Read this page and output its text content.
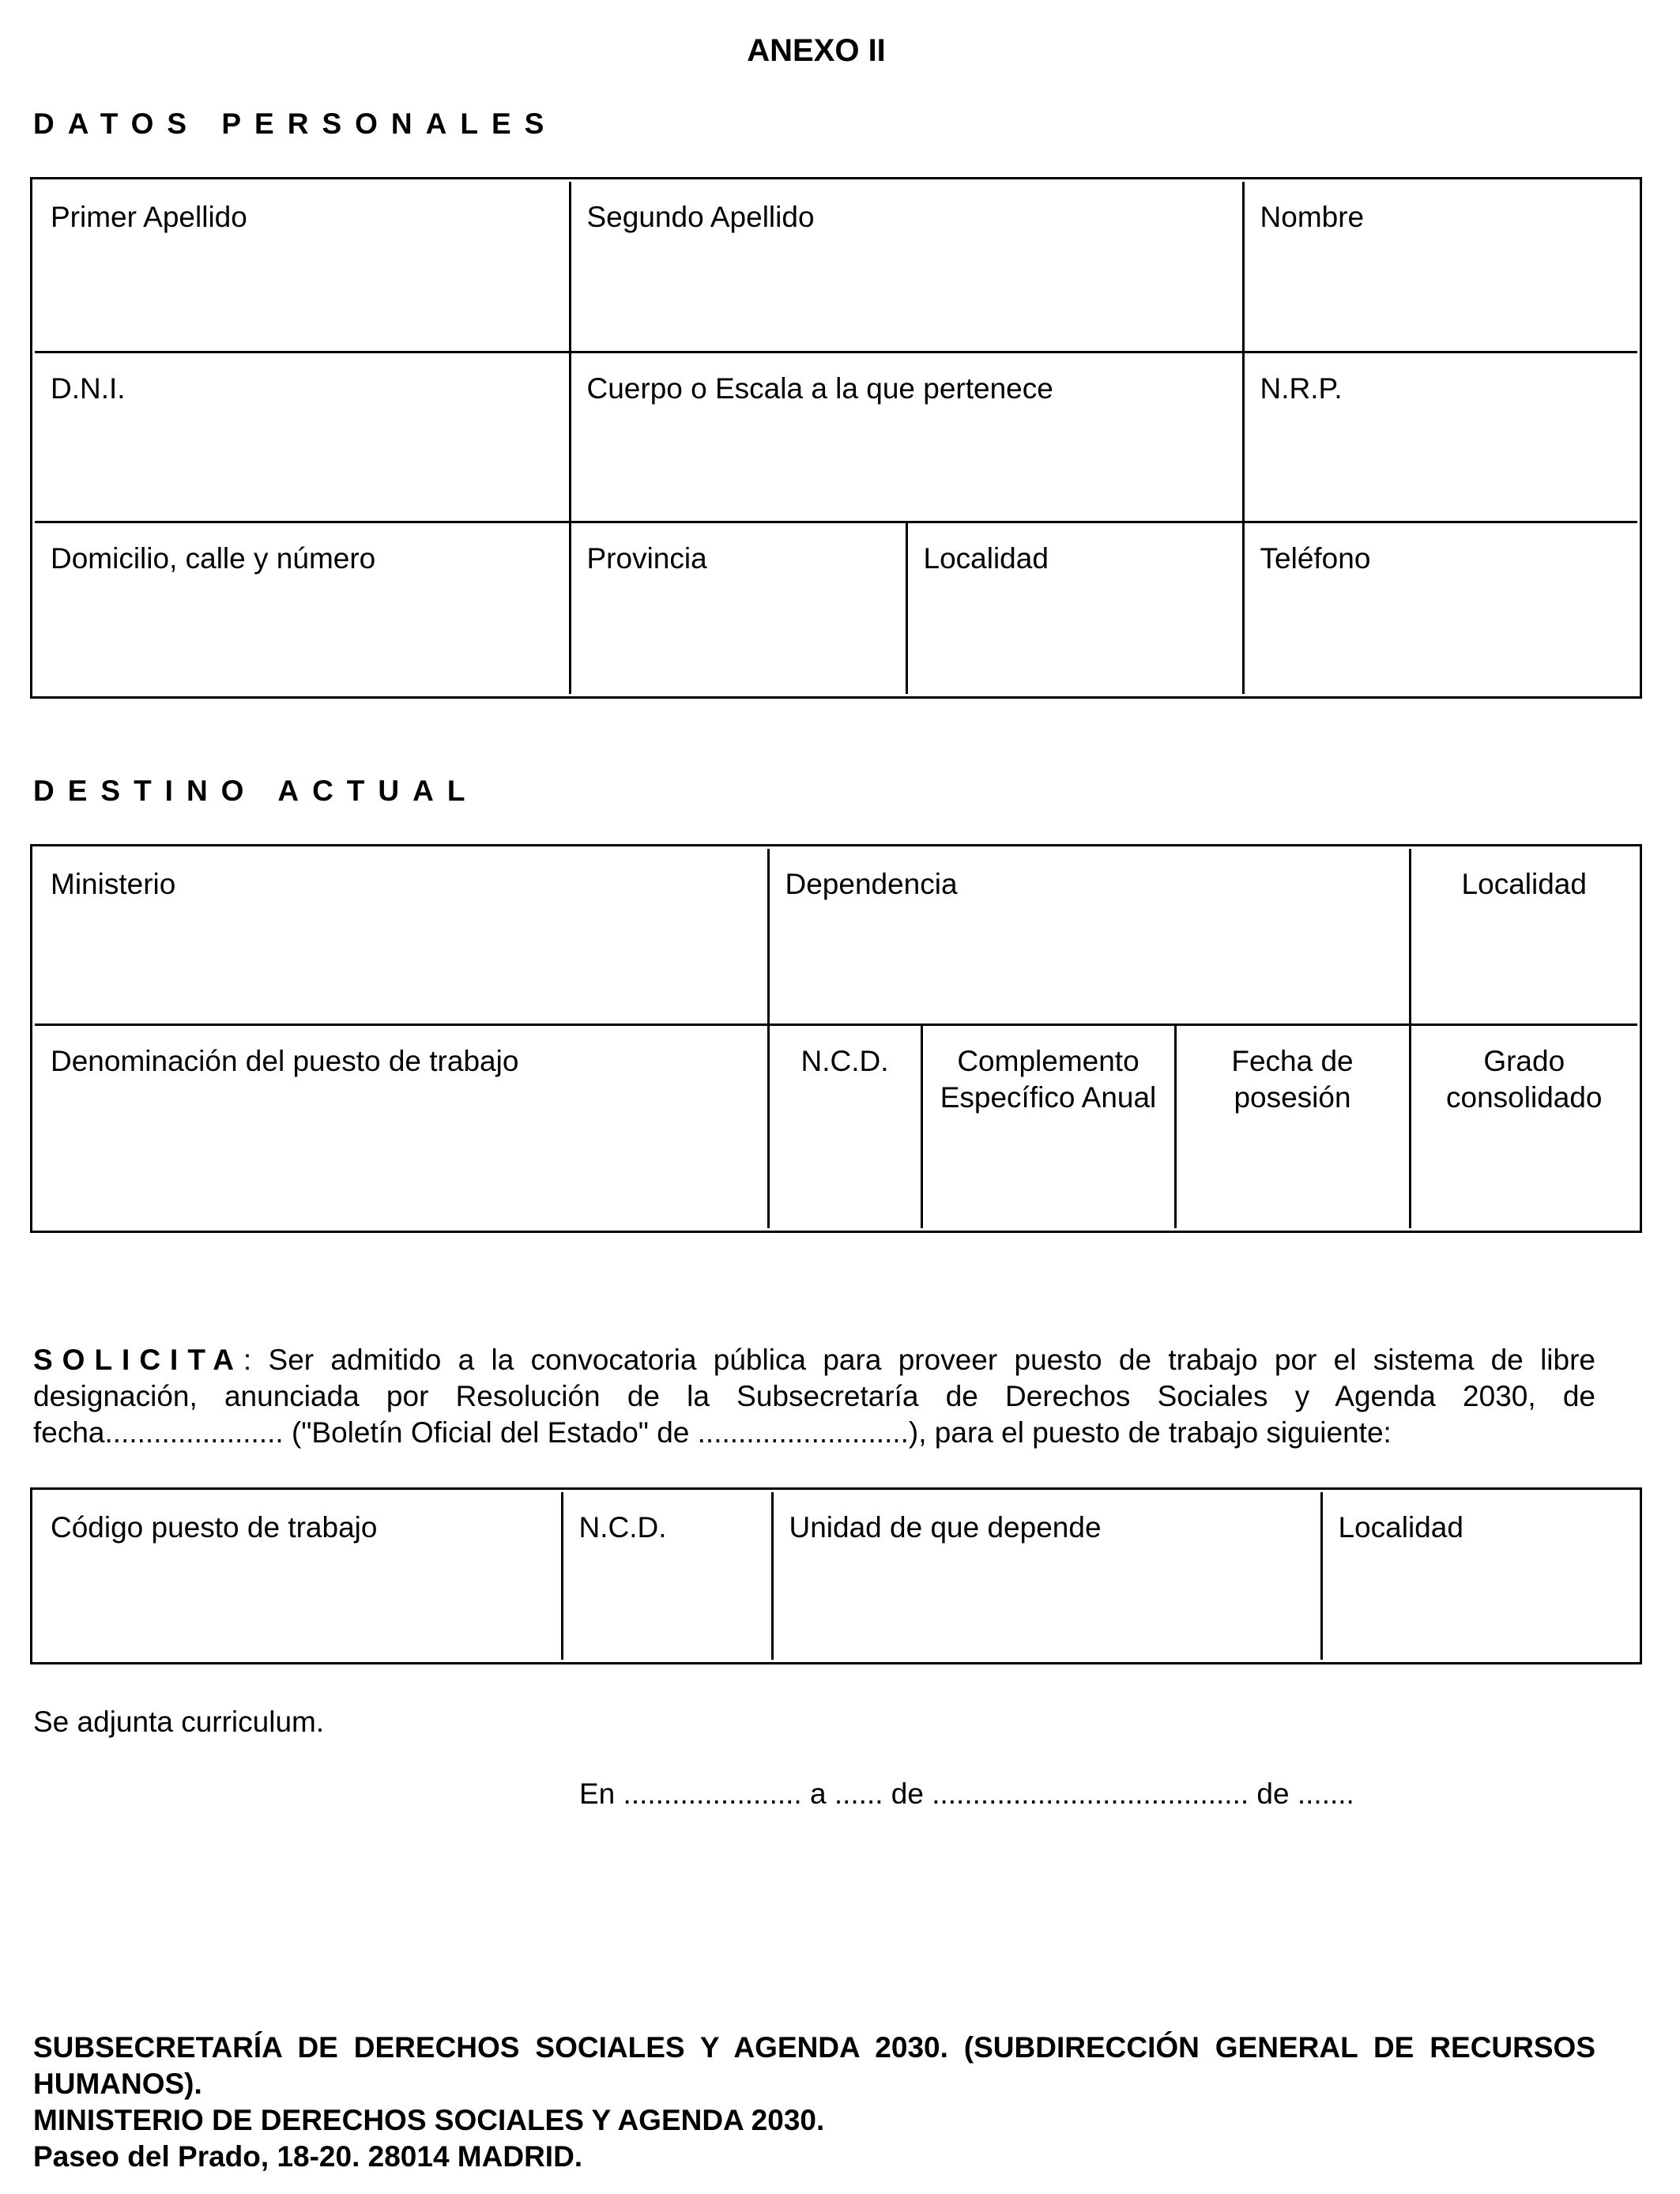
ANEXO II
DATOS PERSONALES
Primer Apellido	Segundo Apellido		Nombre
D.N.I.	Cuerpo o Escala a la que pertenece		N.R.P.
Domicilio, calle y número	Provincia	Localidad	Teléfono
DESTINO ACTUAL
Ministerio	Dependencia			Localidad
Denominación del puesto de trabajo	N.C.D.	Complemento Específico Anual	Fecha de posesión	Grado consolidado
SOLICITA: Ser admitido a la convocatoria pública para proveer puesto de trabajo por el sistema de libre designación, anunciada por Resolución de la Subsecretaría de Derechos Sociales y Agenda 2030, de fecha...................... ("Boletín Oficial del Estado" de ..........................), para el puesto de trabajo siguiente:
Código puesto de trabajo	N.C.D.	Unidad de que depende	Localidad
Se adjunta curriculum.
En ...................... a ...... de ....................................... de .......
SUBSECRETARÍA DE DERECHOS SOCIALES Y AGENDA 2030. (SUBDIRECCIÓN GENERAL DE RECURSOS HUMANOS).
MINISTERIO DE DERECHOS SOCIALES Y AGENDA 2030.
Paseo del Prado, 18-20. 28014 MADRID.
